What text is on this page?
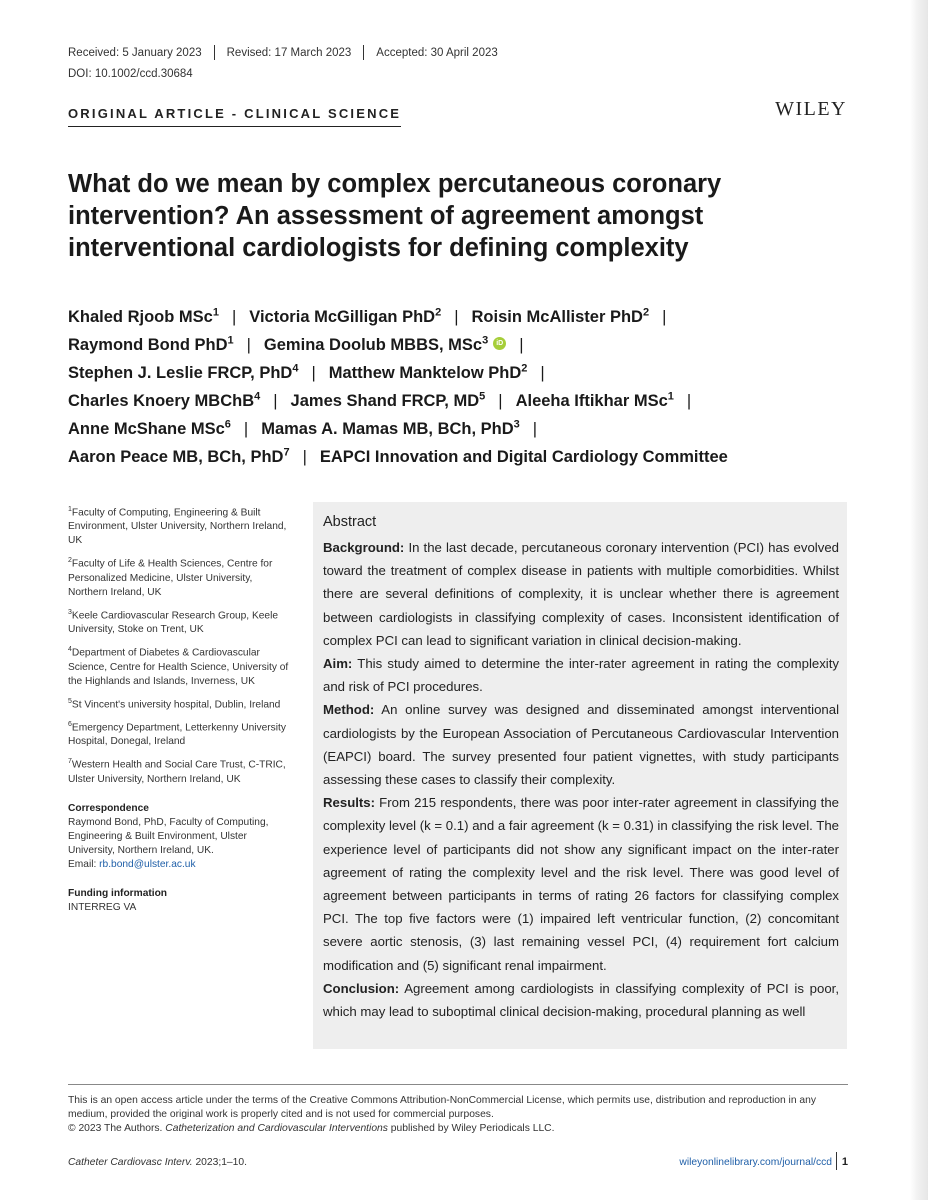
Received: 5 January 2023 Revised: 17 March 2023 Accepted: 30 April 2023
DOI: 10.1002/ccd.30684
ORIGINAL ARTICLE - CLINICAL SCIENCE	WILEY
What do we mean by complex percutaneous coronary intervention? An assessment of agreement amongst interventional cardiologists for defining complexity
Khaled Rjoob MSc$^1$ | Victoria McGilligan PhD$^2$ | Roisin McAllister PhD$^2$ |
Raymond Bond PhD$^1$ | Gemina Doolub MBBS, MSc$^3$ iD |
Stephen J. Leslie FRCP, PhD$^4$ | Matthew Manktelow PhD$^2$ |
Charles Knoery MBChB$^4$ | James Shand FRCP, $MD^5$ | Aleeha Iftikhar MSc$^1$ |
Anne McShane MSc$^6$ | Mamas A. Mamas MB, BCh, PhD$^3$ |
Aaron Peace MB, BCh, PhD$^7$ | EAPCI Innovation and Digital Cardiology Committee
$^1$Faculty of Computing, Engineering & Built Environment, Ulster University, Northern Ireland, UK
$^2$Faculty of Life & Health Sciences, Centre for Personalized Medicine, Ulster University, Northern Ireland, UK
$^3$Keele Cardiovascular Research Group, Keele University, Stoke on Trent, UK
$^4$Department of Diabetes & Cardiovascular Science, Centre for Health Science, University of the Highlands and Islands, Inverness, UK
$^5$St Vincent's university hospital, Dublin, Ireland
$^6$Emergency Department, Letterkenny University Hospital, Donegal, Ireland
$^7$Western Health and Social Care Trust, C-TRIC, Ulster University, Northern Ireland, UK
Correspondence
Raymond Bond, PhD, Faculty of Computing, Engineering & Built Environment, Ulster University, Northern Ireland, UK.
Email: rb.bond@ulster.ac.uk
Funding information
INTERREG VA
Abstract

Background: In the last decade, percutaneous coronary intervention (PCI) has evolved toward the treatment of complex disease in patients with multiple comorbidities. Whilst there are several definitions of complexity, it is unclear whether there is agreement between cardiologists in classifying complexity of cases. Inconsistent identification of complex PCI can lead to significant variation in clinical decision-making.

Aim: This study aimed to determine the inter-rater agreement in rating the complexity and risk of PCI procedures.

Method: An online survey was designed and disseminated amongst interventional cardiologists by the European Association of Percutaneous Cardiovascular Intervention (EAPCI) board. The survey presented four patient vignettes, with study participants assessing these cases to classify their complexity.

Results: From 215 respondents, there was poor inter-rater agreement in classifying the complexity level (k = 0.1) and a fair agreement (k = 0.31) in classifying the risk level. The experience level of participants did not show any significant impact on the inter-rater agreement of rating the complexity level and the risk level. There was good level of agreement between participants in terms of rating 26 factors for classifying complex PCI. The top five factors were (1) impaired left ventricular function, (2) concomitant severe aortic stenosis, (3) last remaining vessel PCI, (4) requirement fort calcium modification and (5) significant renal impairment.

Conclusion: Agreement among cardiologists in classifying complexity of PCI is poor, which may lead to suboptimal clinical decision-making, procedural planning as well

This is an open access article under the terms of the Creative Commons Attribution-NonCommercial License, which permits use, distribution and reproduction in any medium, provided the original work is properly cited and is not used for commercial purposes.
© 2023 The Authors. Catheterization and Cardiovascular Interventions published by Wiley Periodicals LLC.
Catheter Cardiovasc Interv. 2023;1–10.	wileyonlinelibrary.com/journal/ccd 1
